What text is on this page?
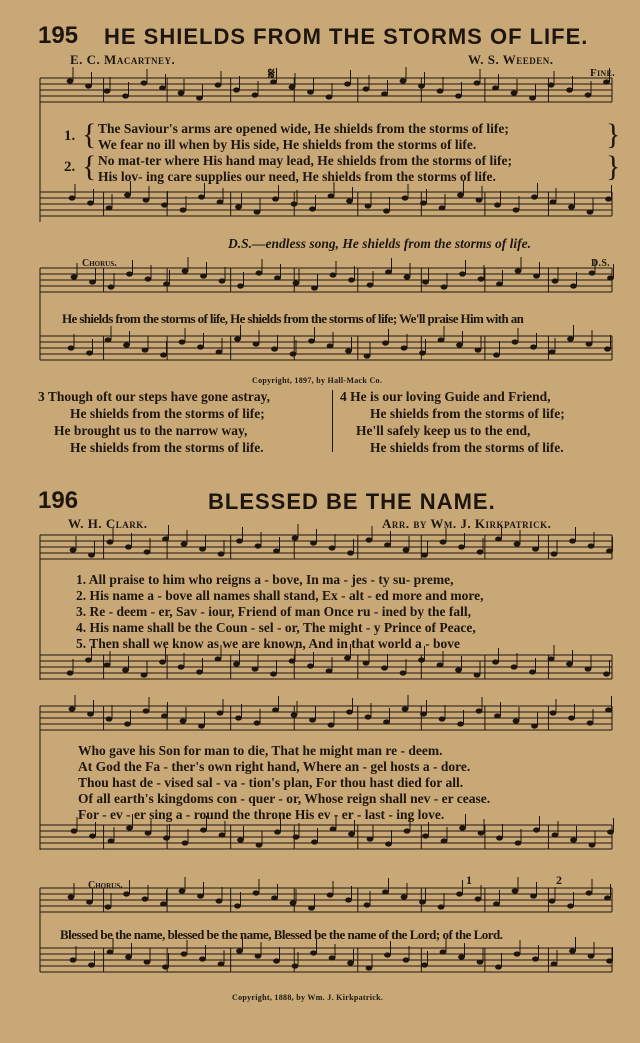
195 HE SHIELDS FROM THE STORMS OF LIFE.
E. C. Macartney.	W. S. Weeden.
𝄋	Fine.
1.
2.
{
{
The Saviour's arms are opened wide, He shields from the storms of life;
We fear no ill when by His side, He shields from the storms of life.
No mat-ter where His hand may lead, He shields from the storms of life;
His lov- ing care supplies our need, He shields from the storms of life.
}
}
D.S.—endless song, He shields from the storms of life.
Chorus.	D.S.
He shields from the storms of life, He shields from the storms of life; We'll praise Him with an
Copyright, 1897, by Hall-Mack Co.
3 Though oft our steps have gone astray,
He shields from the storms of life;
He brought us to the narrow way,
He shields from the storms of life.
4 He is our loving Guide and Friend,
He shields from the storms of life;
He'll safely keep us to the end,
He shields from the storms of life.
196	BLESSED BE THE NAME.
W. H. Clark.	Arr. by Wm. J. Kirkpatrick.
1. All praise to him who reigns a - bove, In ma - jes - ty su- preme,
2. His name a - bove all names shall stand, Ex - alt - ed more and more,
3. Re - deem - er, Sav - iour, Friend of man Once ru - ined by the fall,
4. His name shall be the Coun - sel - or, The might - y Prince of Peace,
5. Then shall we know as we are known, And in that world a - bove
Who gave his Son for man to die, That he might man re - deem.
At God the Fa - ther's own right hand, Where an - gel hosts a - dore.
Thou hast de - vised sal - va - tion's plan, For thou hast died for all.
Of all earth's kingdoms con - quer - or, Whose reign shall nev - er cease.
For - ev - er sing a - round the throne His ev - er - last - ing love.
Chorus.	1	2
Blessed be the name, blessed be the name, Blessed be the name of the Lord; of the Lord.
Copyright, 1888, by Wm. J. Kirkpatrick.
